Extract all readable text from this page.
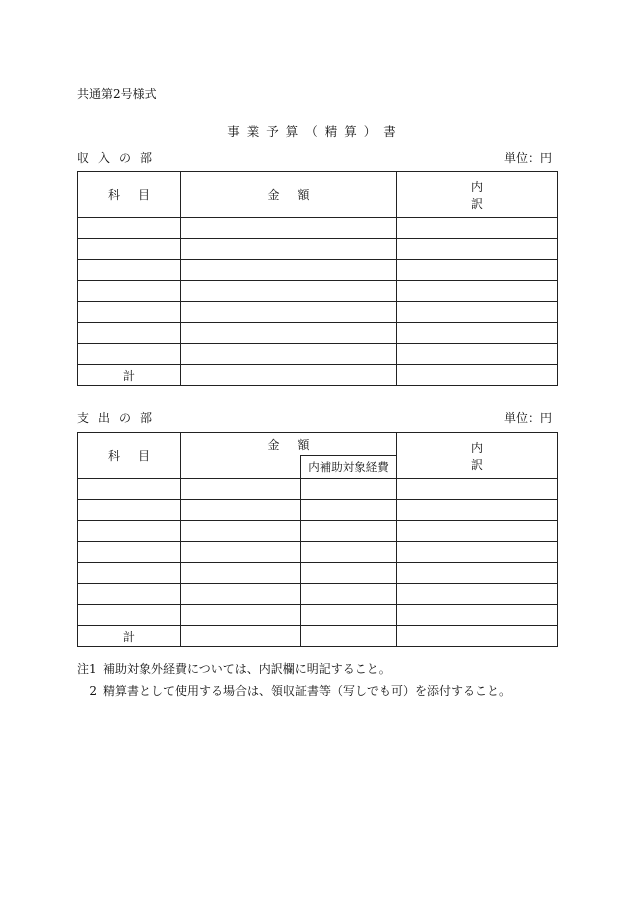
共通第2号様式
事業予算（精算）書
収入の部	単位：円
科目	金額	内訳

計		
支出の部	単位：円
科目	金額		内訳
		内補助対象経費	

計			
注1 補助対象外経費については、内訳欄に明記すること。
2 精算書として使用する場合は、領収証書等（写しでも可）を添付すること。
